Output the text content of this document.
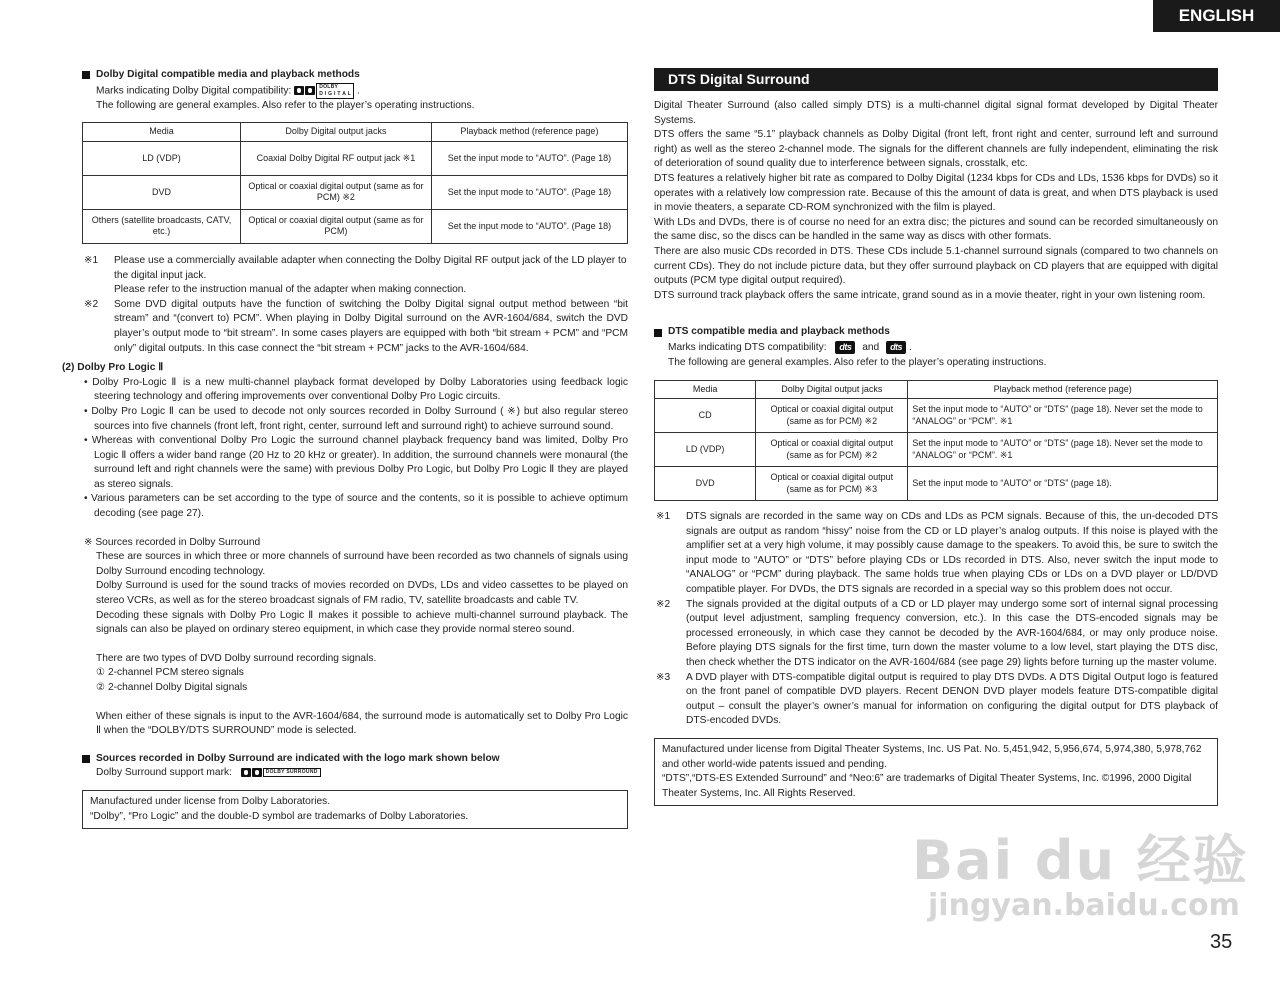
ENGLISH
Dolby Digital compatible media and playback methods

Marks indicating Dolby Digital compatibility:	DOLBY
D I G I T A L .

The following are general examples. Also refer to the player’s operating instructions.

Media	Dolby Digital output jacks	Playback method (reference page)
LD (VDP)	Coaxial Dolby Digital RF output jack ※1	Set the input mode to “AUTO”. (Page 18)
DVD	Optical or coaxial digital output (same as for PCM) ※2	Set the input mode to “AUTO”. (Page 18)
Others (satellite broadcasts, CATV, etc.)	Optical or coaxial digital output (same as for PCM)	Set the input mode to “AUTO”. (Page 18)
※1	Please use a commercially available adapter when connecting the Dolby Digital RF output jack of the LD player to the digital input jack.
Please refer to the instruction manual of the adapter when making connection.
※2	Some DVD digital outputs have the function of switching the Dolby Digital signal output method between “bit stream” and “(convert to) PCM”. When playing in Dolby Digital surround on the AVR-1604/684, switch the DVD player’s output mode to “bit stream”. In some cases players are equipped with both “bit stream + PCM” and “PCM only” digital outputs. In this case connect the “bit stream + PCM” jacks to the AVR-1604/684.

(2) Dolby Pro Logic Ⅱ

• Dolby Pro-Logic Ⅱ is a new multi-channel playback format developed by Dolby Laboratories using feedback logic steering technology and offering improvements over conventional Dolby Pro Logic circuits.

• Dolby Pro Logic Ⅱ can be used to decode not only sources recorded in Dolby Surround ( ※) but also regular stereo sources into five channels (front left, front right, center, surround left and surround right) to achieve surround sound.

• Whereas with conventional Dolby Pro Logic the surround channel playback frequency band was limited, Dolby Pro Logic Ⅱ offers a wider band range (20 Hz to 20 kHz or greater). In addition, the surround channels were monaural (the surround left and right channels were the same) with previous Dolby Pro Logic, but Dolby Pro Logic Ⅱ they are played as stereo signals.

• Various parameters can be set according to the type of source and the contents, so it is possible to achieve optimum decoding (see page 27).

※ Sources recorded in Dolby Surround

These are sources in which three or more channels of surround have been recorded as two channels of signals using Dolby Surround encoding technology.

Dolby Surround is used for the sound tracks of movies recorded on DVDs, LDs and video cassettes to be played on stereo VCRs, as well as for the stereo broadcast signals of FM radio, TV, satellite broadcasts and cable TV.

Decoding these signals with Dolby Pro Logic Ⅱ makes it possible to achieve multi-channel surround playback. The signals can also be played on ordinary stereo equipment, in which case they provide normal stereo sound.

There are two types of DVD Dolby surround recording signals.

① 2-channel PCM stereo signals

② 2-channel Dolby Digital signals

When either of these signals is input to the AVR-1604/684, the surround mode is automatically set to Dolby Pro Logic Ⅱ when the “DOLBY/DTS SURROUND” mode is selected.

Sources recorded in Dolby Surround are indicated with the logo mark shown below

Dolby Surround support mark:	DOLBY SURROUND

Manufactured under license from Dolby Laboratories.

“Dolby”, “Pro Logic” and the double-D symbol are trademarks of Dolby Laboratories.

DTS Digital Surround

Digital Theater Surround (also called simply DTS) is a multi-channel digital signal format developed by Digital Theater Systems.

DTS offers the same “5.1” playback channels as Dolby Digital (front left, front right and center, surround left and surround right) as well as the stereo 2-channel mode. The signals for the different channels are fully independent, eliminating the risk of deterioration of sound quality due to interference between signals, crosstalk, etc.

DTS features a relatively higher bit rate as compared to Dolby Digital (1234 kbps for CDs and LDs, 1536 kbps for DVDs) so it operates with a relatively low compression rate. Because of this the amount of data is great, and when DTS playback is used in movie theaters, a separate CD-ROM synchronized with the film is played.

With LDs and DVDs, there is of course no need for an extra disc; the pictures and sound can be recorded simultaneously on the same disc, so the discs can be handled in the same way as discs with other formats.

There are also music CDs recorded in DTS. These CDs include 5.1-channel surround signals (compared to two channels on current CDs). They do not include picture data, but they offer surround playback on CD players that are equipped with digital outputs (PCM type digital output required).

DTS surround track playback offers the same intricate, grand sound as in a movie theater, right in your own listening room.

DTS compatible media and playback methods

Marks indicating DTS compatibility: dts and dts .

The following are general examples. Also refer to the player’s operating instructions.

Media	Dolby Digital output jacks	Playback method (reference page)
CD	Optical or coaxial digital output (same as for PCM) ※2	Set the input mode to “AUTO” or “DTS” (page 18). Never set the mode to “ANALOG” or “PCM”. ※1
LD (VDP)	Optical or coaxial digital output (same as for PCM) ※2	Set the input mode to “AUTO” or “DTS” (page 18). Never set the mode to “ANALOG” or “PCM”. ※1
DVD	Optical or coaxial digital output (same as for PCM) ※3	Set the input mode to “AUTO” or “DTS” (page 18).
※1	DTS signals are recorded in the same way on CDs and LDs as PCM signals. Because of this, the un-decoded DTS signals are output as random “hissy” noise from the CD or LD player’s analog outputs. If this noise is played with the amplifier set at a very high volume, it may possibly cause damage to the speakers. To avoid this, be sure to switch the input mode to “AUTO” or “DTS” before playing CDs or LDs recorded in DTS. Also, never switch the input mode to “ANALOG” or “PCM” during playback. The same holds true when playing CDs or LDs on a DVD player or LD/DVD compatible player. For DVDs, the DTS signals are recorded in a special way so this problem does not occur.
※2	The signals provided at the digital outputs of a CD or LD player may undergo some sort of internal signal processing (output level adjustment, sampling frequency conversion, etc.). In this case the DTS-encoded signals may be processed erroneously, in which case they cannot be decoded by the AVR-1604/684, or may only produce noise. Before playing DTS signals for the first time, turn down the master volume to a low level, start playing the DTS disc, then check whether the DTS indicator on the AVR-1604/684 (see page 29) lights before turning up the master volume.
※3	A DVD player with DTS-compatible digital output is required to play DTS DVDs. A DTS Digital Output logo is featured on the front panel of compatible DVD players. Recent DENON DVD player models feature DTS-compatible digital output – consult the player’s owner’s manual for information on configuring the digital output for DTS playback of DTS-encoded DVDs.

Manufactured under license from Digital Theater Systems, Inc. US Pat. No. 5,451,942, 5,956,674, 5,974,380, 5,978,762 and other world-wide patents issued and pending.

“DTS”,“DTS-ES Extended Surround” and “Neo:6” are trademarks of Digital Theater Systems, Inc. ©1996, 2000 Digital Theater Systems, Inc. All Rights Reserved.

Bai du 经验
jingyan.baidu.com
35
